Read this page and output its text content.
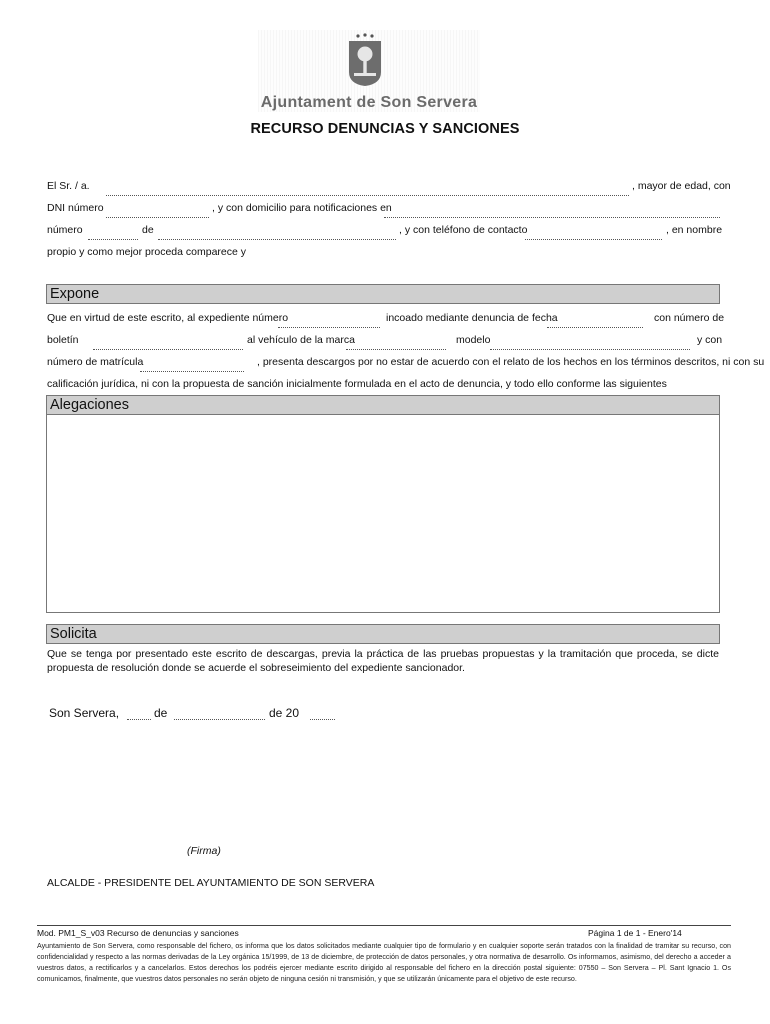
Ajuntament de Son Servera
RECURSO DENUNCIAS Y SANCIONES
El Sr. / a.	, mayor de edad, con
DNI número	, y con domicilio para notificaciones en
número	de	, y con teléfono de contacto	, en nombre
propio y como mejor proceda comparece y
Expone
Que en virtud de este escrito, al expediente número	incoado mediante denuncia de fecha	con número de
boletín	al vehículo de la marca	modelo	y con
número de matrícula	, presenta descargos por no estar de acuerdo con el relato de los hechos en los términos descritos, ni con su
calificación jurídica, ni con la propuesta de sanción inicialmente formulada en el acto de denuncia, y todo ello conforme las siguientes
Alegaciones
Solicita
Que se tenga por presentado este escrito de descargas, previa la práctica de las pruebas propuestas y la tramitación que proceda, se dicte propuesta de resolución donde se acuerde el sobreseimiento del expediente sancionador.
Son Servera,	de	de 20
(Firma)
ALCALDE - PRESIDENTE DEL AYUNTAMIENTO DE SON SERVERA
Mod. PM1_S_v03 Recurso de denuncias y sanciones	Página 1 de 1 - Enero'14
Ayuntamiento de Son Servera, como responsable del fichero, os informa que los datos solicitados mediante cualquier tipo de formulario y en cualquier soporte serán tratados con la finalidad de tramitar su recurso, con confidencialidad y respecto a las normas derivadas de la Ley orgánica 15/1999, de 13 de diciembre, de protección de datos personales, y otra normativa de desarrollo. Os informamos, asimismo, del derecho a acceder a vuestros datos, a rectificarlos y a cancelarlos. Estos derechos los podréis ejercer mediante escrito dirigido al responsable del fichero en la dirección postal siguiente: 07550 – Son Servera – Pl. Sant Ignacio 1. Os comunicamos, finalmente, que vuestros datos personales no serán objeto de ninguna cesión ni transmisión, y que se utilizarán únicamente para el objetivo de este recurso.
